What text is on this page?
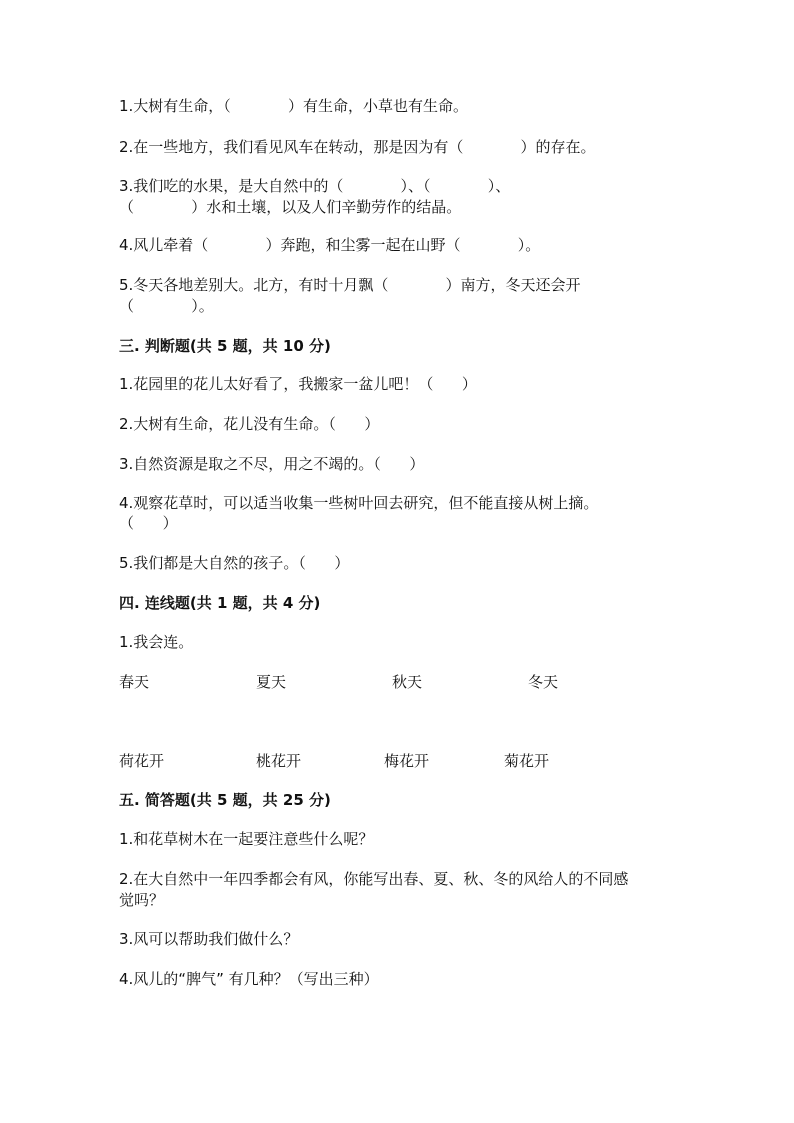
1.大树有生命，（            ）有生命，小草也有生命。
2.在一些地方，我们看见风车在转动，那是因为有（            ）的存在。
3.我们吃的水果，是大自然中的（            ）、（            ）、
（            ）水和土壤，以及人们辛勤劳作的结晶。
4.风儿牵着（            ）奔跑，和尘雾一起在山野（            ）。
5.冬天各地差别大。北方，有时十月飘（            ）南方，冬天还会开
（            ）。
三. 判断题(共 5 题，共 10 分)
1.花园里的花儿太好看了，我搬家一盆儿吧！（      ）
2.大树有生命，花儿没有生命。（      ）
3.自然资源是取之不尽，用之不竭的。（      ）
4.观察花草时，可以适当收集一些树叶回去研究，但不能直接从树上摘。
（      ）
5.我们都是大自然的孩子。（      ）
四. 连线题(共 1 题，共 4 分)
1.我会连。
春天	夏天	秋天	冬天
荷花开	桃花开	梅花开	菊花开
五. 简答题(共 5 题，共 25 分)
1.和花草树木在一起要注意些什么呢？
2.在大自然中一年四季都会有风，你能写出春、夏、秋、冬的风给人的不同感
觉吗？
3.风可以帮助我们做什么？
4.风儿的“脾气” 有几种？（写出三种）
